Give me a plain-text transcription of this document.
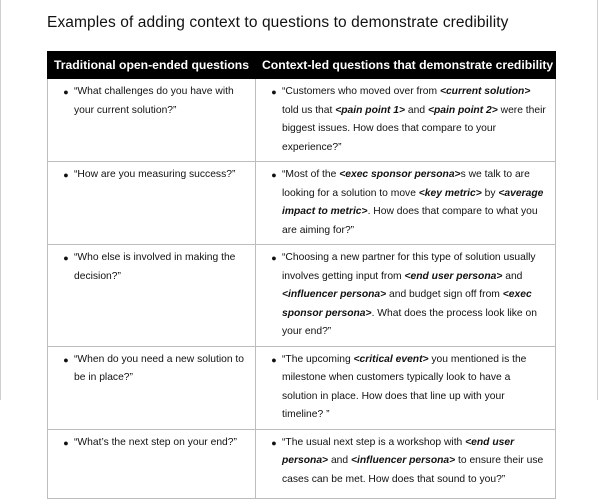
Examples of adding context to questions to demonstrate credibility
Traditional open-ended questions	Context-led questions that demonstrate credibility

● “What challenges do you have with your current solution?”	● “Customers who moved over from <current solution> told us that <pain point 1> and <pain point 2> were their biggest issues. How does that compare to your experience?”

● “How are you measuring success?”	● “Most of the <exec sponsor persona>s we talk to are looking for a solution to move <key metric> by <average impact to metric>. How does that compare to what you are aiming for?”

● “Who else is involved in making the decision?”	● “Choosing a new partner for this type of solution usually involves getting input from <end user persona> and <influencer persona> and budget sign off from <exec sponsor persona>. What does the process look like on your end?”

● “When do you need a new solution to be in place?”	● “The upcoming <critical event> you mentioned is the milestone when customers typically look to have a solution in place. How does that line up with your timeline? ”

● “What’s the next step on your end?”	● “The usual next step is a workshop with <end user persona> and <influencer persona> to ensure their use cases can be met. How does that sound to you?”
